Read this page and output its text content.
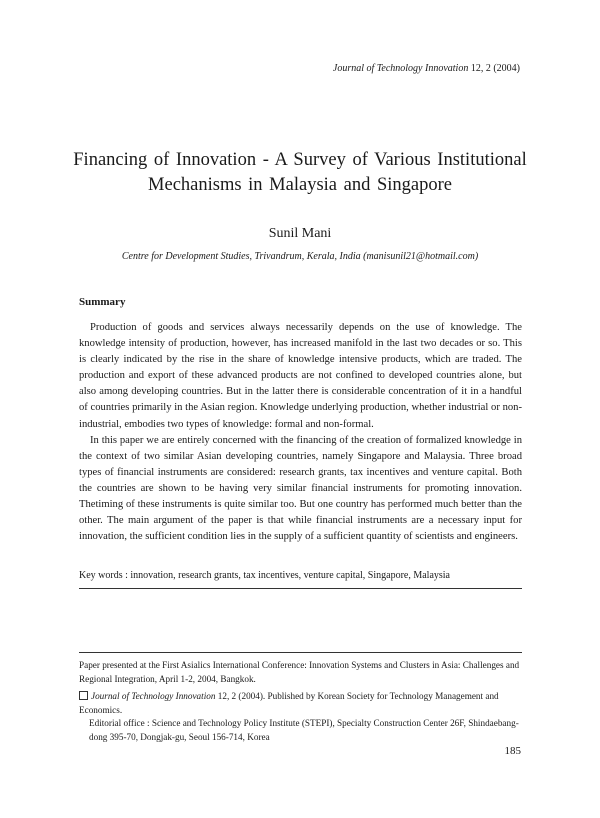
Journal of Technology Innovation 12, 2 (2004)
Financing of Innovation - A Survey of Various Institutional Mechanisms in Malaysia and Singapore
Sunil Mani
Centre for Development Studies, Trivandrum, Kerala, India (manisunil21@hotmail.com)
Summary

Production of goods and services always necessarily depends on the use of knowledge. The knowledge intensity of production, however, has increased manifold in the last two decades or so. This is clearly indicated by the rise in the share of knowledge intensive products, which are traded. The production and export of these advanced products are not confined to developed countries alone, but also among developing countries. But in the latter there is considerable concentration of it in a handful of countries primarily in the Asian region. Knowledge underlying production, whether industrial or non-industrial, embodies two types of knowledge: formal and non-formal.

In this paper we are entirely concerned with the financing of the creation of formalized knowledge in the context of two similar Asian developing countries, namely Singapore and Malaysia. Three broad types of financial instruments are considered: research grants, tax incentives and venture capital. Both the countries are shown to be having very similar financial instruments for promoting innovation. Thetiming of these instruments is quite similar too. But one country has performed much better than the other. The main argument of the paper is that while financial instruments are a necessary input for innovation, the sufficient condition lies in the supply of a sufficient quantity of scientists and engineers.

Key words : innovation, research grants, tax incentives, venture capital, Singapore, Malaysia
Paper presented at the First Asialics International Conference: Innovation Systems and Clusters in Asia: Challenges and Regional Integration, April 1-2, 2004, Bangkok.
Journal of Technology Innovation 12, 2 (2004). Published by Korean Society for Technology Management and Economics.
Editorial office : Science and Technology Policy Institute (STEPI), Specialty Construction Center 26F, Shindaebang-dong 395-70, Dongjak-gu, Seoul 156-714, Korea
185
